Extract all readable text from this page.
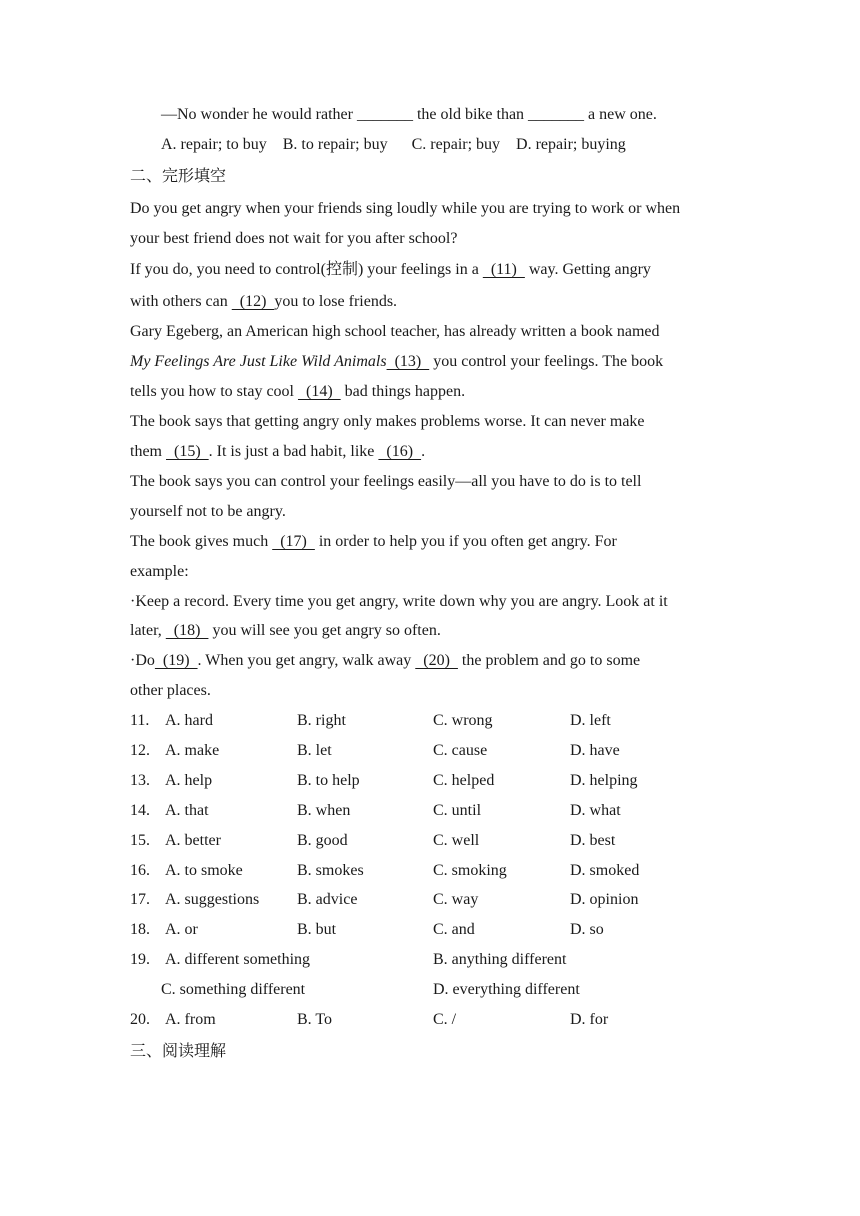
—No wonder he would rather _______ the old bike than _______ a new one.
A. repair; to buy B. to repair; buy C. repair; buy D. repair; buying
二、完形填空
Do you get angry when your friends sing loudly while you are trying to work or when
your best friend does not wait for you after school?
If you do, you need to control(控制) your feelings in a   (11)   way. Getting angry
with others can   (12)  you to lose friends.
Gary Egeberg, an American high school teacher, has already written a book named
My Feelings Are Just Like Wild Animals  (13)   you control your feelings. The book
tells you how to stay cool   (14)   bad things happen.
The book says that getting angry only makes problems worse. It can never make
them   (15)  . It is just a bad habit, like   (16)  .
The book says you can control your feelings easily—all you have to do is to tell
yourself not to be angry.
The book gives much   (17)   in order to help you if you often get angry. For
example:
·Keep a record. Every time you get angry, write down why you are angry. Look at it
later,   (18)   you will see you get angry so often.
·Do  (19)  . When you get angry, walk away   (20)   the problem and go to some
other places.
11. A. hard	B. right	C. wrong	D. left
12. A. make	B. let	C. cause	D. have
13. A. help	B. to help	C. helped	D. helping
14. A. that	B. when	C. until	D. what
15. A. better	B. good	C. well	D. best
16. A. to smoke	B. smokes	C. smoking	D. smoked
17. A. suggestions B. advice	C. way	D. opinion
18. A. or	B. but	C. and	D. so
19. A. different something	B. anything different
C. something different	D. everything different
20. A. from	B. To	C. /	D. for
三、阅读理解
